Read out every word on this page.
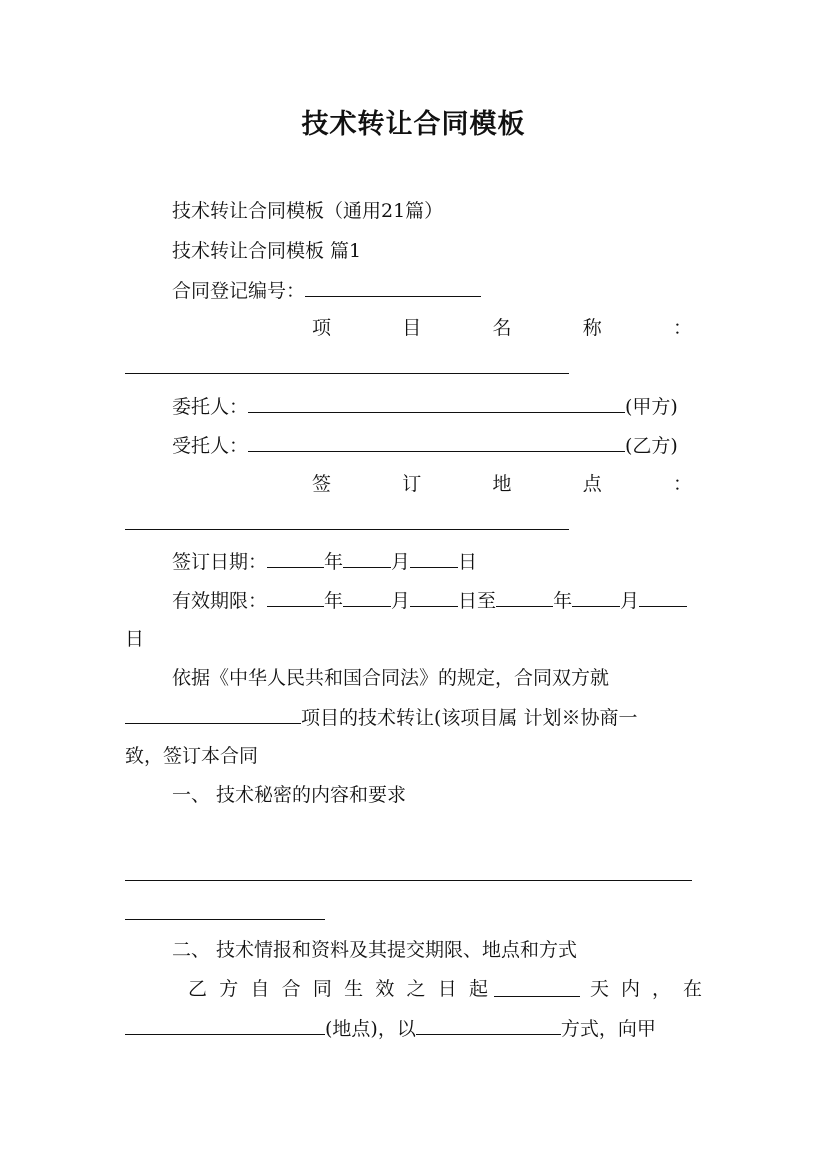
技术转让合同模板
技术转让合同模板（通用21篇）
技术转让合同模板 篇1
合同登记编号：
项	目	名	称	：
委托人：	(甲方)
受托人：	(乙方)
签	订	地	点	：
签订日期：	年	月	日
有效期限：	年	月	日至	年	月
日
依据《中华人民共和国合同法》的规定，合同双方就
项目的技术转让(该项目属 计划※协商一
致，签订本合同
一、 技术秘密的内容和要求
二、 技术情报和资料及其提交期限、地点和方式
乙 方 自 合 同 生 效 之 日 起	天 内 ， 在
(地点)，以	方式，向甲
